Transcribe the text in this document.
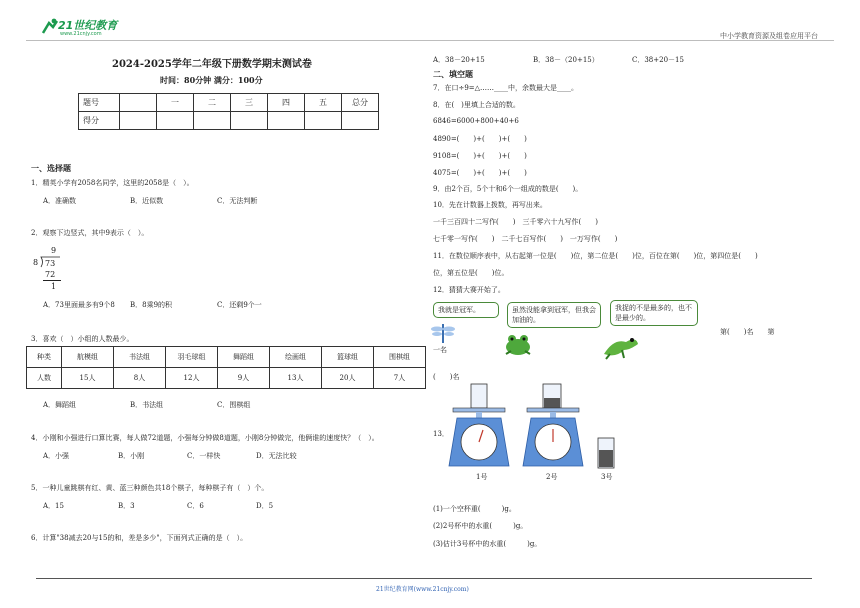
21世纪教育
www.21cnjy.com	中小学教育资源及组卷应用平台
2024-2025学年二年级下册数学期末测试卷
时间：80分钟 满分：100分
题号		一	二	三	四	五	总分
得分							
一、选择题
1．精英小学有2058名同学，这里的2058是（　）。
A．准确数	B．近似数	C．无法判断
2．观察下边竖式，其中9表示（　）。
9
8 73
72
1
A．73里面最多有9个8 B．8乘9的积	C．还剩9个一
3．喜欢（　）小组的人数最少。
种类	航模组	书法组	羽毛球组	舞蹈组	绘画组	篮球组	围棋组
人数	15人	8人	12人	9人	13人	20人	7人
A．舞蹈组	B．书法组	C．围棋组
4．小刚和小强进行口算比赛，每人做72道题，小强每分钟做8道题，小刚8分钟做完，他俩谁的速度快？（　）。
A．小强	B．小刚	C．一样快	D．无法比较
5．一种儿童跳棋有红、黄、蓝三种颜色共18个棋子，每种棋子有（　）个。
A．15	B．3	C．6	D．5
6．计算"38减去20与15的和，差是多少"，下面列式正确的是（　）。
A．38－20+15	B．38－（20+15）	C．38+20－15
二、填空题
7．在口÷9=△……____中，余数最大是____。
8．在(　)里填上合适的数。
6846=6000+800+40+6
4890=(　　)+(　　)+(　　)
9108=(　　)+(　　)+(　　)
4075=(　　)+(　　)+(　　)
9．由2个百，5个十和6个一组成的数是(　　)。
10．先在计数器上拨数，再写出来。
一千三百四十二写作(　　)　三千零六十九写作(　　)
七千零一写作(　　)　二千七百写作(　　)　一万写作(　　)
11．在数位顺序表中，从右起第一位是(　　)位，第二位是(　　)位，百位在第(　　)位，第四位是(　　)
位，第五位是(　　)位。
12．猜猜大赛开始了。
我就是冠军。	虽然没能拿到冠军，但我会加油的。
我捉的不是最多的，也不是最少的。
第(　　)名　　第
一名
(　　)名
13．
1号	2号	3号
(1)一个空杯重(　　　)g。
(2)2号杯中的水重(　　　)g。
(3)估计3号杯中的水重(　　　)g。
21世纪教育网(www.21cnjy.com)
